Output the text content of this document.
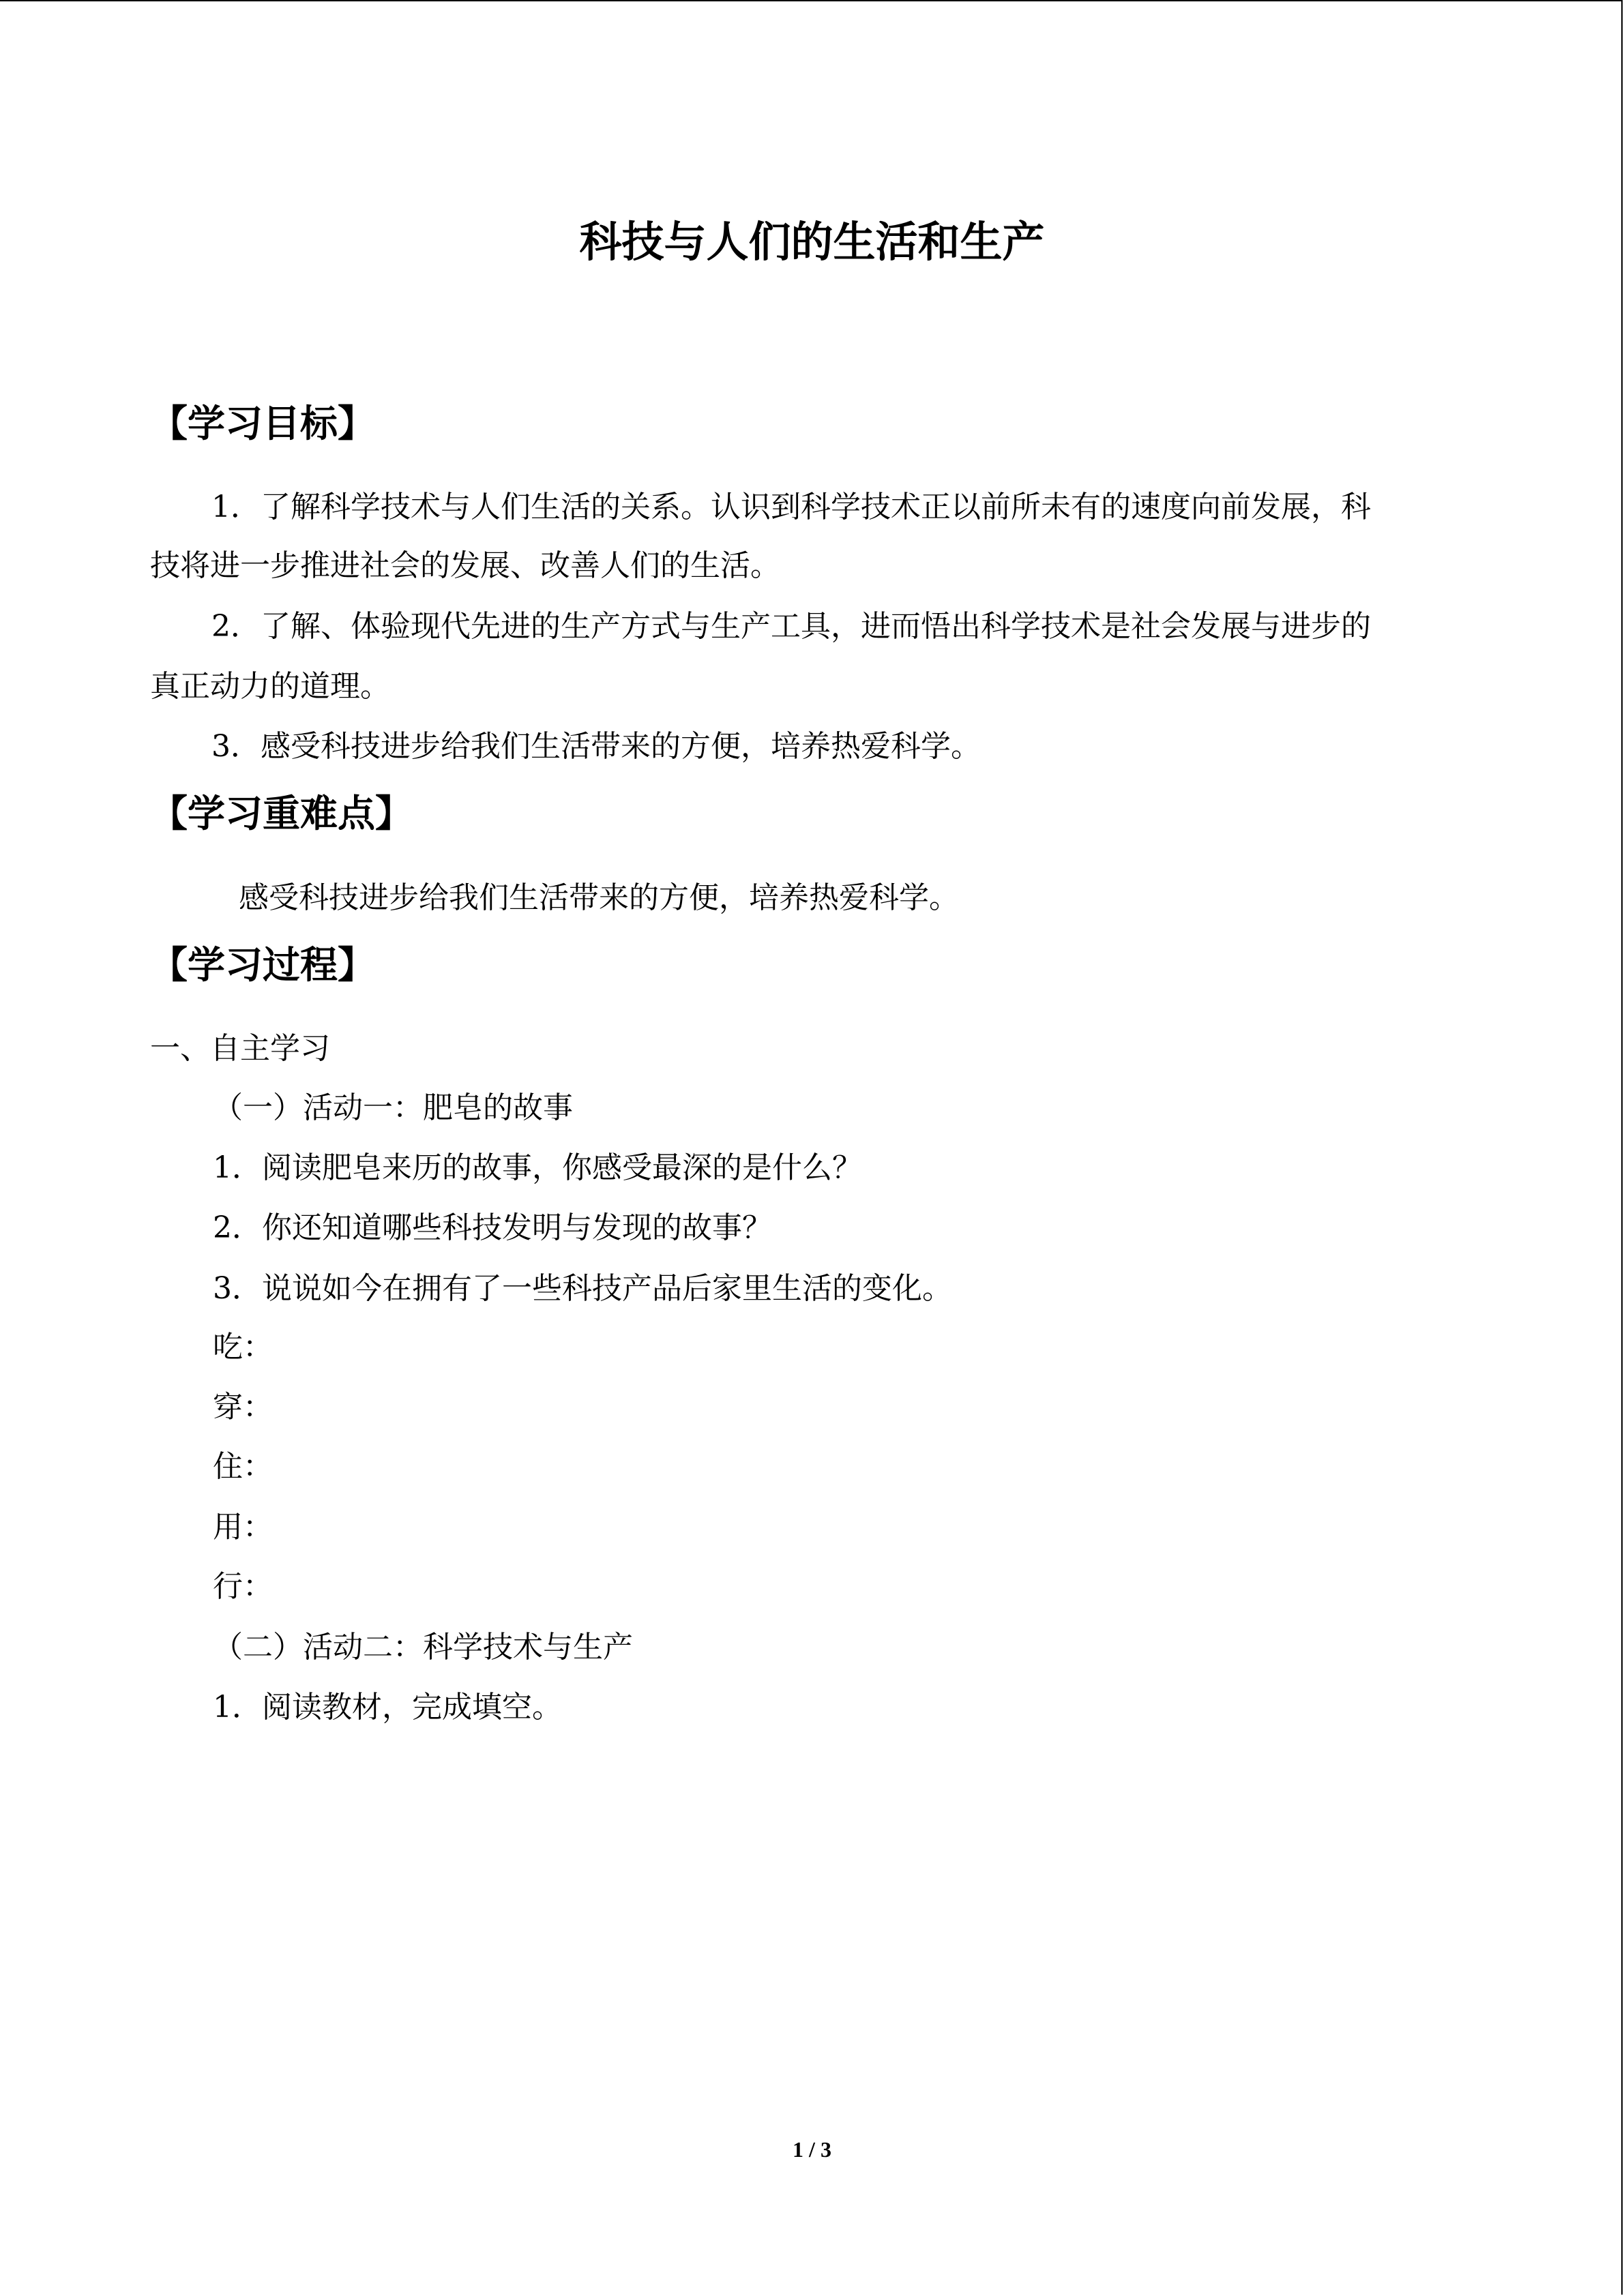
科技与人们的生活和生产
【学习目标】
1．了解科学技术与人们生活的关系。认识到科学技术正以前所未有的速度向前发展，科
技将进一步推进社会的发展、改善人们的生活。
2．了解、体验现代先进的生产方式与生产工具，进而悟出科学技术是社会发展与进步的
真正动力的道理。
3．感受科技进步给我们生活带来的方便，培养热爱科学。
【学习重难点】
感受科技进步给我们生活带来的方便，培养热爱科学。
【学习过程】
一、自主学习
（一）活动一：肥皂的故事
1．阅读肥皂来历的故事，你感受最深的是什么？
2．你还知道哪些科技发明与发现的故事？
3．说说如今在拥有了一些科技产品后家里生活的变化。
吃：
穿：
住：
用：
行：
（二）活动二：科学技术与生产
1．阅读教材，完成填空。
1 / 3
